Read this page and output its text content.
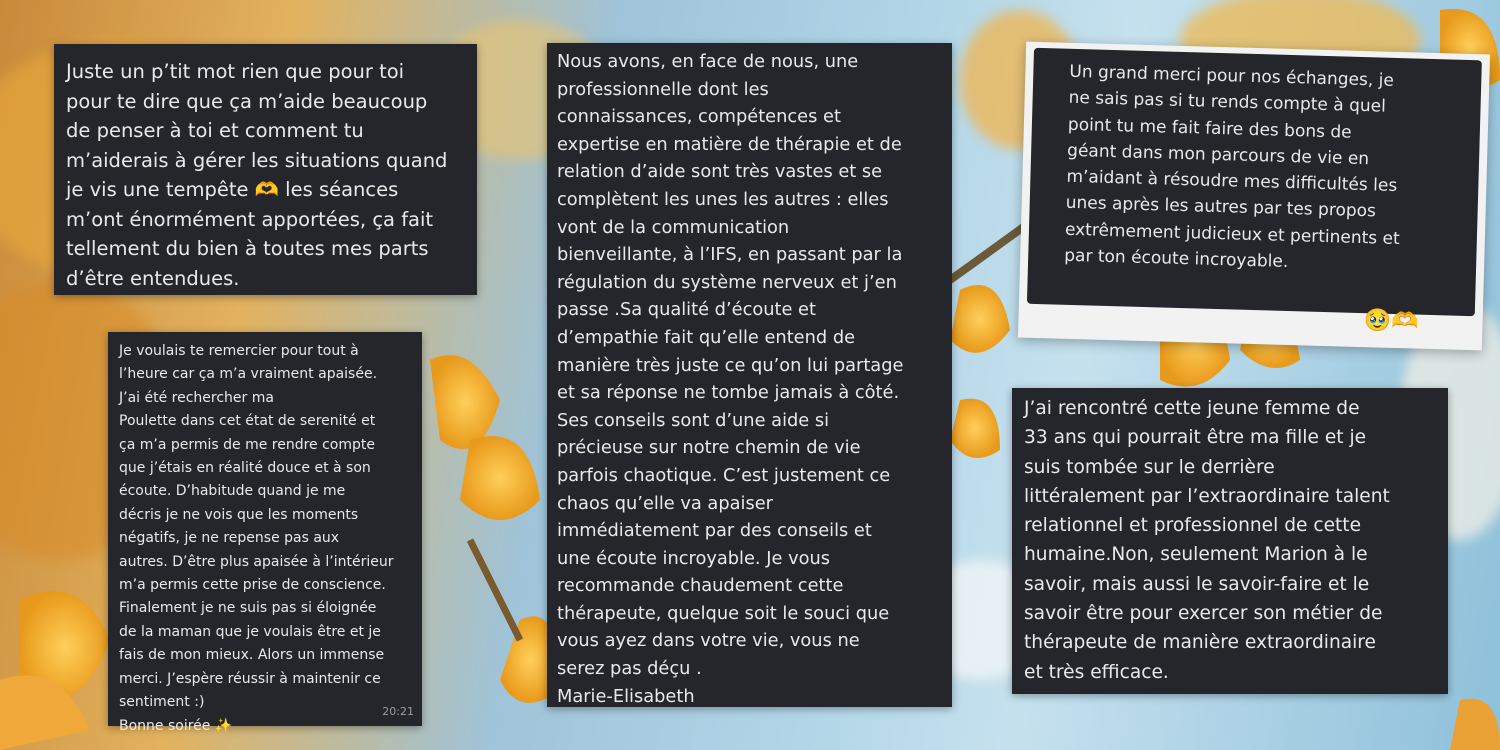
Juste un p’tit mot rien que pour toi
pour te dire que ça m’aide beaucoup
de penser à toi et comment tu
m’aiderais à gérer les situations quand
je vis une tempête 🫶 les séances
m’ont énormément apportées, ça fait
tellement du bien à toutes mes parts
d’être entendues.

Je voulais te remercier pour tout à
l’heure car ça m’a vraiment apaisée.
J’ai été rechercher ma
Poulette dans cet état de serenité et
ça m’a permis de me rendre compte
que j’étais en réalité douce et à son
écoute. D’habitude quand je me
décris je ne vois que les moments
négatifs, je ne repense pas aux
autres. D’être plus apaisée à l’intérieur
m’a permis cette prise de conscience.
Finalement je ne suis pas si éloignée
de la maman que je voulais être et je
fais de mon mieux. Alors un immense
merci. J’espère réussir à maintenir ce
sentiment :)
Bonne soirée ✨

20:21

Nous avons, en face de nous, une
professionnelle dont les
connaissances, compétences et
expertise en matière de thérapie et de
relation d’aide sont très vastes et se
complètent les unes les autres : elles
vont de la communication
bienveillante, à l’IFS, en passant par la
régulation du système nerveux et j’en
passe .Sa qualité d’écoute et
d’empathie fait qu’elle entend de
manière très juste ce qu’on lui partage
et sa réponse ne tombe jamais à côté.
Ses conseils sont d’une aide si
précieuse sur notre chemin de vie
parfois chaotique. C’est justement ce
chaos qu’elle va apaiser
immédiatement par des conseils et
une écoute incroyable. Je vous
recommande chaudement cette
thérapeute, quelque soit le souci que
vous ayez dans votre vie, vous ne
serez pas déçu .
Marie-Elisabeth

Un grand merci pour nos échanges, je
ne sais pas si tu rends compte à quel
point tu me fait faire des bons de
géant dans mon parcours de vie en
m’aidant à résoudre mes difficultés les
unes après les autres par tes propos
extrêmement judicieux et pertinents et
par ton écoute incroyable.

🥹🫶

J’ai rencontré cette jeune femme de
33 ans qui pourrait être ma fille et je
suis tombée sur le derrière
littéralement par l’extraordinaire talent
relationnel et professionnel de cette
humaine.Non, seulement Marion à le
savoir, mais aussi le savoir-faire et le
savoir être pour exercer son métier de
thérapeute de manière extraordinaire
et très efficace.
